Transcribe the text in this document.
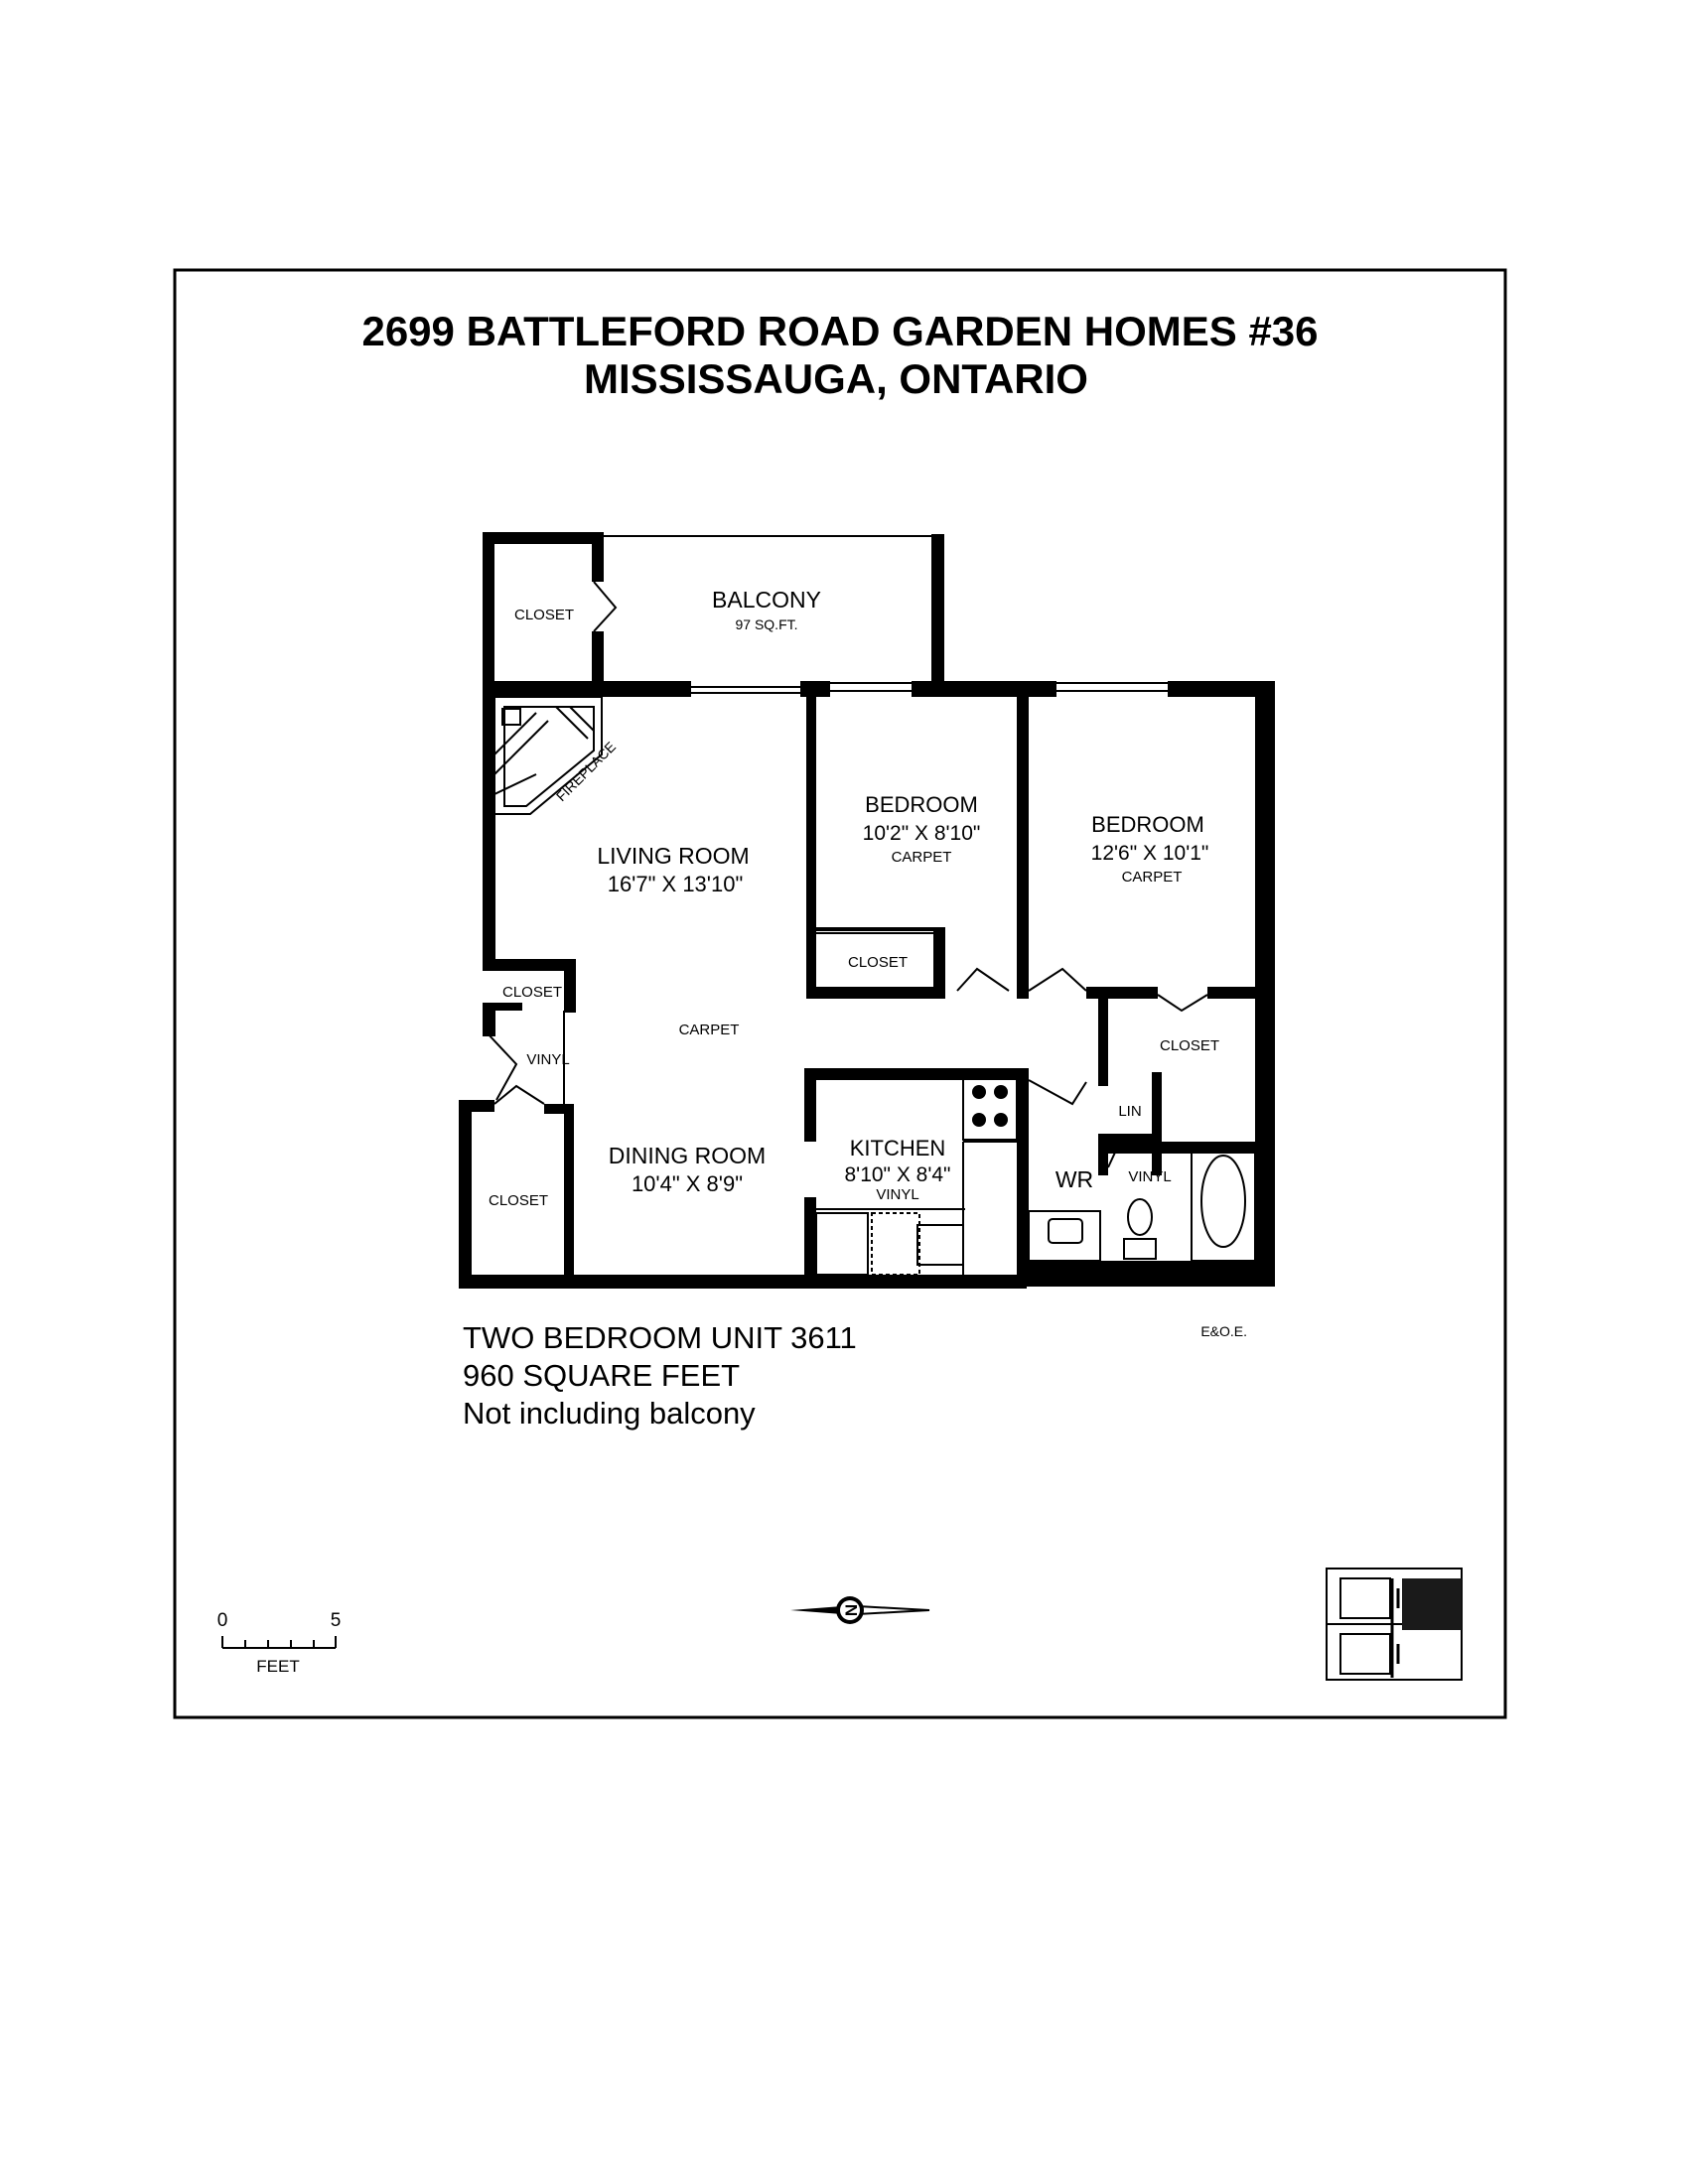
2699 BATTLEFORD ROAD GARDEN HOMES #36
MISSISSAUGA, ONTARIO
CLOSET
BALCONY
97 SQ.FT.
FIREPLACE
LIVING ROOM
16'7" X 13'10"
BEDROOM
10'2" X 8'10"
CARPET
CLOSET
BEDROOM
12'6" X 10'1"
CARPET
CLOSET
CLOSET
VINYL
CLOSET
CARPET
DINING ROOM
10'4" X 8'9"
KITCHEN
8'10" X 8'4"
VINYL
LIN
WR VINYL
TWO BEDROOM UNIT 3611
960 SQUARE FEET
Not including balcony
E&O.E.
0	5
FEET
N
